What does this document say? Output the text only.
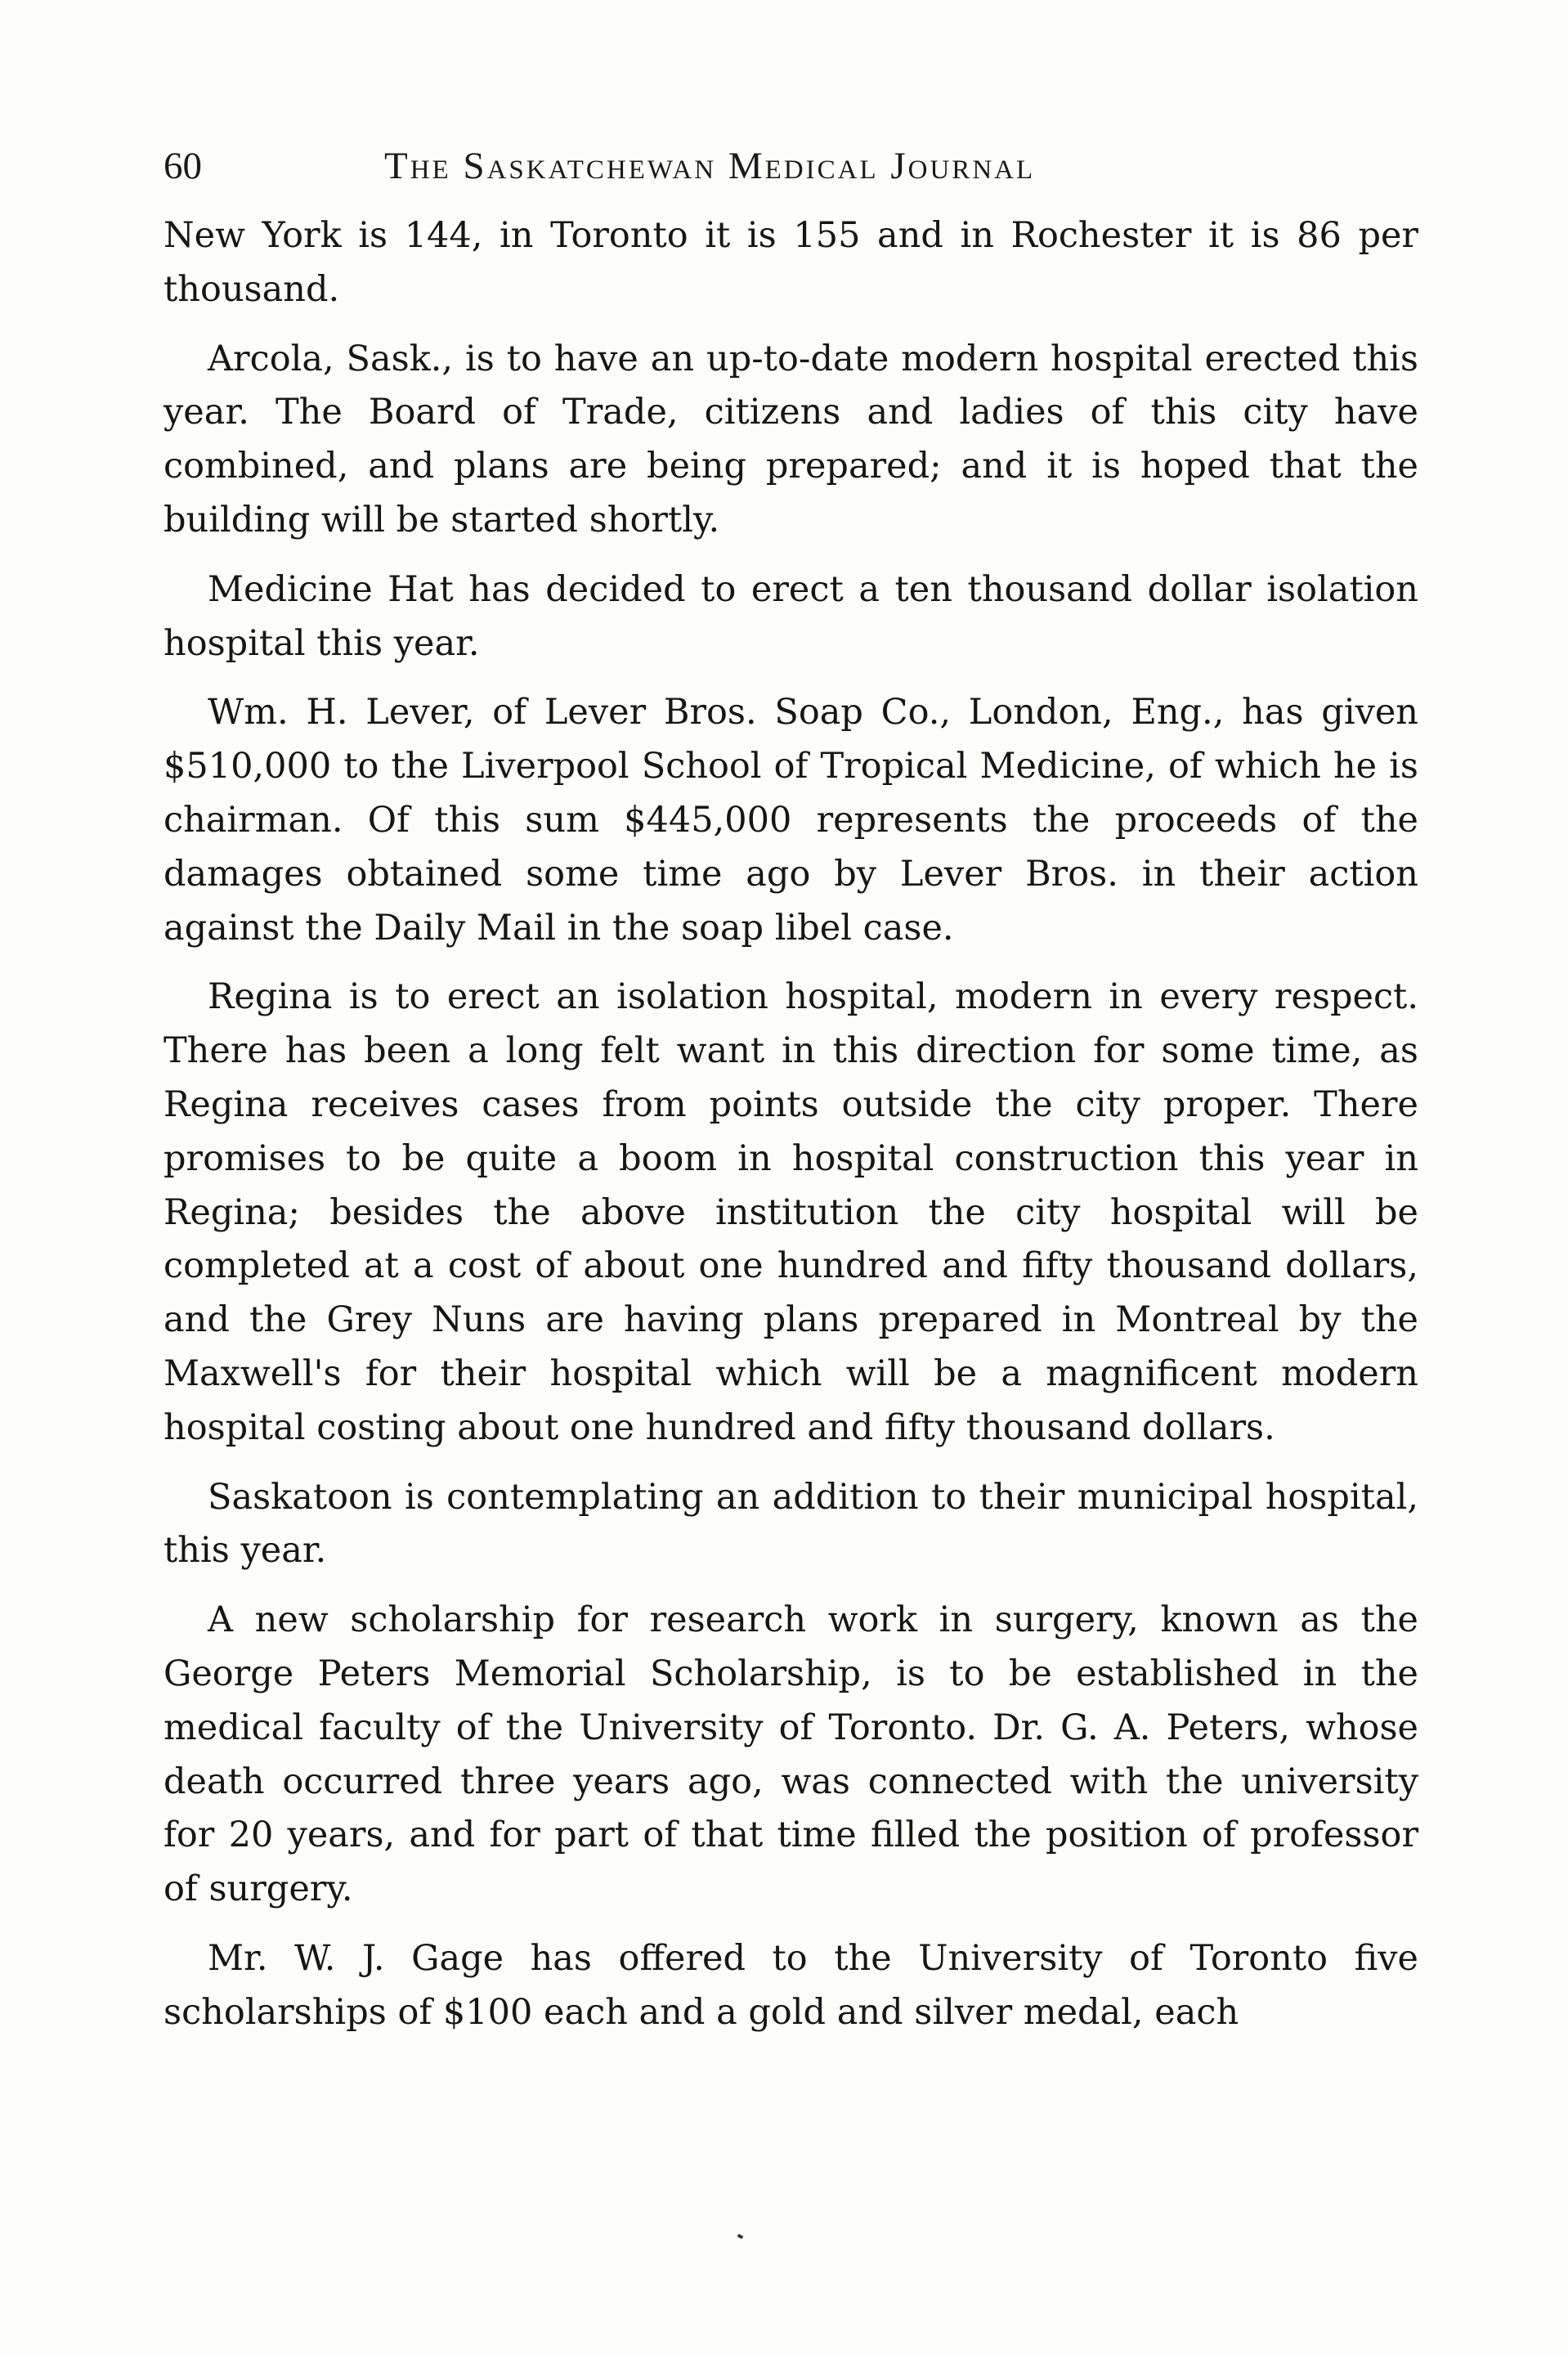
60	The Saskatchewan Medical Journal

New York is 144, in Toronto it is 155 and in Rochester it is 86 per thousand.

Arcola, Sask., is to have an up-to-date modern hospital erected this year. The Board of Trade, citizens and ladies of this city have combined, and plans are being prepared; and it is hoped that the building will be started shortly.

Medicine Hat has decided to erect a ten thousand dollar isolation hospital this year.

Wm. H. Lever, of Lever Bros. Soap Co., London, Eng., has given $510,000 to the Liverpool School of Tropical Medicine, of which he is chairman. Of this sum $445,000 represents the proceeds of the damages obtained some time ago by Lever Bros. in their action against the Daily Mail in the soap libel case.

Regina is to erect an isolation hospital, modern in every respect. There has been a long felt want in this direction for some time, as Regina receives cases from points outside the city proper. There promises to be quite a boom in hospital construction this year in Regina; besides the above institution the city hospital will be completed at a cost of about one hundred and fifty thousand dollars, and the Grey Nuns are having plans prepared in Montreal by the Maxwell's for their hospital which will be a magnificent modern hospital costing about one hundred and fifty thousand dollars.

Saskatoon is contemplating an addition to their municipal hospital, this year.

A new scholarship for research work in surgery, known as the George Peters Memorial Scholarship, is to be established in the medical faculty of the University of Toronto. Dr. G. A. Peters, whose death occurred three years ago, was connected with the university for 20 years, and for part of that time filled the position of professor of surgery.

Mr. W. J. Gage has offered to the University of Toronto five scholarships of $100 each and a gold and silver medal, each
